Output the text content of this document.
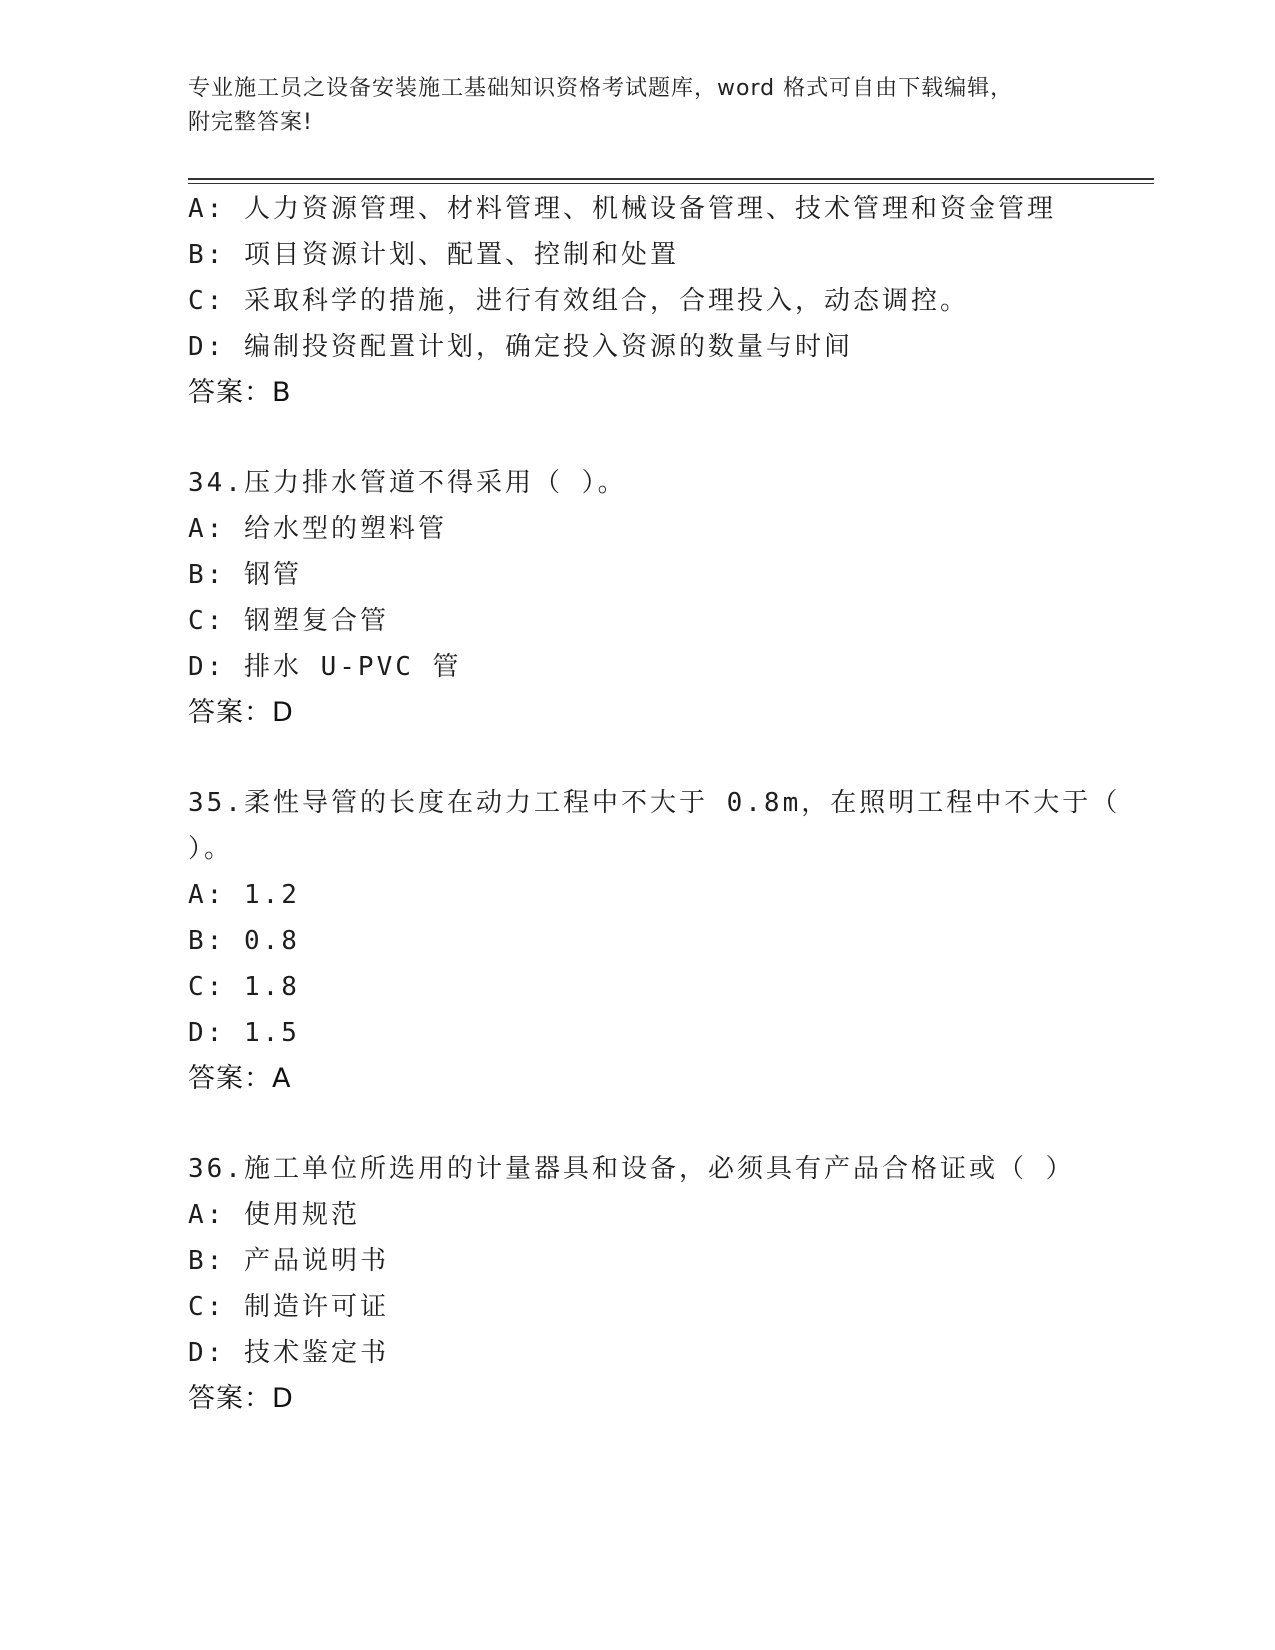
专业施工员之设备安装施工基础知识资格考试题库，word 格式可自由下载编辑，
附完整答案!
A: 人力资源管理、材料管理、机械设备管理、技术管理和资金管理
B: 项目资源计划、配置、控制和处置
C: 采取科学的措施，进行有效组合，合理投入，动态调控。
D: 编制投资配置计划，确定投入资源的数量与时间
答案：B
34.压力排水管道不得采用（ ）。
A: 给水型的塑料管
B: 钢管
C: 钢塑复合管
D: 排水 U-PVC 管
答案：D
35.柔性导管的长度在动力工程中不大于 0.8m，在照明工程中不大于（
）。
A: 1.2
B: 0.8
C: 1.8
D: 1.5
答案：A
36.施工单位所选用的计量器具和设备，必须具有产品合格证或（ ）
A: 使用规范
B: 产品说明书
C: 制造许可证
D: 技术鉴定书
答案：D
